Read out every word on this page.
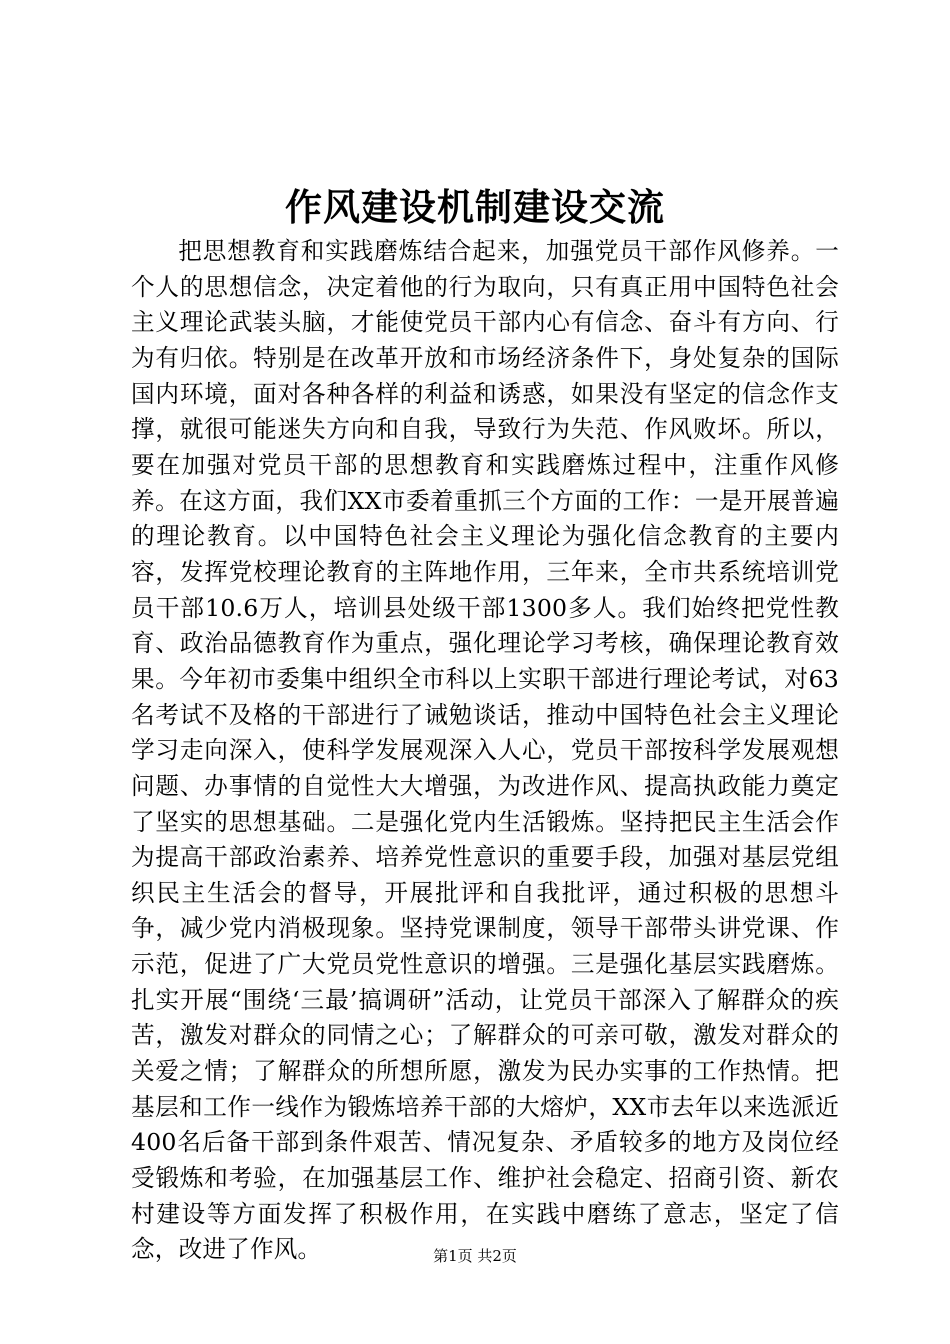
作风建设机制建设交流

把思想教育和实践磨炼结合起来，加强党员干部作风修养。一个人的思想信念，决定着他的行为取向，只有真正用中国特色社会主义理论武装头脑，才能使党员干部内心有信念、奋斗有方向、行为有归依。特别是在改革开放和市场经济条件下，身处复杂的国际国内环境，面对各种各样的利益和诱惑，如果没有坚定的信念作支撑，就很可能迷失方向和自我，导致行为失范、作风败坏。所以，要在加强对党员干部的思想教育和实践磨炼过程中，注重作风修养。在这方面，我们XX市委着重抓三个方面的工作：一是开展普遍的理论教育。以中国特色社会主义理论为强化信念教育的主要内容，发挥党校理论教育的主阵地作用，三年来，全市共系统培训党员干部10.6万人，培训县处级干部1300多人。我们始终把党性教育、政治品德教育作为重点，强化理论学习考核，确保理论教育效果。今年初市委集中组织全市科以上实职干部进行理论考试，对63名考试不及格的干部进行了诫勉谈话，推动中国特色社会主义理论学习走向深入，使科学发展观深入人心，党员干部按科学发展观想问题、办事情的自觉性大大增强，为改进作风、提高执政能力奠定了坚实的思想基础。二是强化党内生活锻炼。坚持把民主生活会作为提高干部政治素养、培养党性意识的重要手段，加强对基层党组织民主生活会的督导，开展批评和自我批评，通过积极的思想斗争，减少党内消极现象。坚持党课制度，领导干部带头讲党课、作示范，促进了广大党员党性意识的增强。三是强化基层实践磨炼。扎实开展“围绕‘三最’搞调研”活动，让党员干部深入了解群众的疾苦，激发对群众的同情之心；了解群众的可亲可敬，激发对群众的关爱之情；了解群众的所想所愿，激发为民办实事的工作热情。把基层和工作一线作为锻炼培养干部的大熔炉，XX市去年以来选派近400名后备干部到条件艰苦、情况复杂、矛盾较多的地方及岗位经受锻炼和考验，在加强基层工作、维护社会稳定、招商引资、新农村建设等方面发挥了积极作用，在实践中磨练了意志，坚定了信念，改进了作风。	第1页 共2页
